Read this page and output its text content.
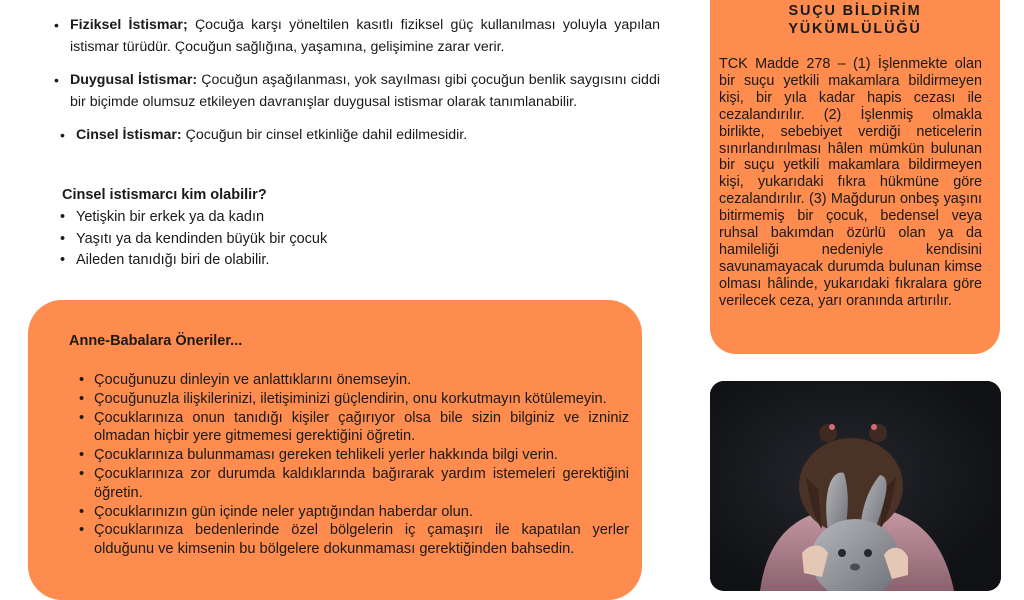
• Fiziksel İstismar; Çocuğa karşı yöneltilen kasıtlı fiziksel güç kullanılması yoluyla yapılan istismar türüdür. Çocuğun sağlığına, yaşamına, gelişimine zarar verir.
• Duygusal İstismar: Çocuğun aşağılanması, yok sayılması gibi çocuğun benlik saygısını ciddi bir biçimde olumsuz etkileyen davranışlar duygusal istismar olarak tanımlanabilir.
• Cinsel İstismar: Çocuğun bir cinsel etkinliğe dahil edilmesidir.
Cinsel istismarcı kim olabilir?
• Yetişkin bir erkek ya da kadın
• Yaşıtı ya da kendinden büyük bir çocuk
• Aileden tanıdığı biri de olabilir.
Anne-Babalara Öneriler...
• Çocuğunuzu dinleyin ve anlattıklarını önemseyin.
• Çocuğunuzla ilişkilerinizi, iletişiminizi güçlendirin, onu korkutmayın kötülemeyin.
• Çocuklarınıza onun tanıdığı kişiler çağırıyor olsa bile sizin bilginiz ve izniniz olmadan hiçbir yere gitmemesi gerektiğini öğretin.
• Çocuklarınıza bulunmaması gereken tehlikeli yerler hakkında bilgi verin.
• Çocuklarınıza zor durumda kaldıklarında bağırarak yardım istemeleri gerektiğini öğretin.
• Çocuklarınızın gün içinde neler yaptığından haberdar olun.
• Çocuklarınıza bedenlerinde özel bölgelerin iç çamaşırı ile kapatılan yerler olduğunu ve kimsenin bu bölgelere dokunmaması gerektiğinden bahsedin.
SUÇU BİLDİRİM
YÜKÜMLÜLÜĞÜ
TCK Madde 278 – (1) İşlenmekte olan bir suçu yetkili makamlara bildirmeyen kişi, bir yıla kadar hapis cezası ile cezalandırılır. (2) İşlenmiş olmakla birlikte, sebebiyet verdiği neticelerin sınırlandırılması hâlen mümkün bulunan bir suçu yetkili makamlara bildirmeyen kişi, yukarıdaki fıkra hükmüne göre cezalandırılır. (3) Mağdurun onbeş yaşını bitirmemiş bir çocuk, bedensel veya ruhsal bakımdan özürlü olan ya da hamileliği nedeniyle kendisini savunamayacak durumda bulunan kimse olması hâlinde, yukarıdaki fıkralara göre verilecek ceza, yarı oranında artırılır.
